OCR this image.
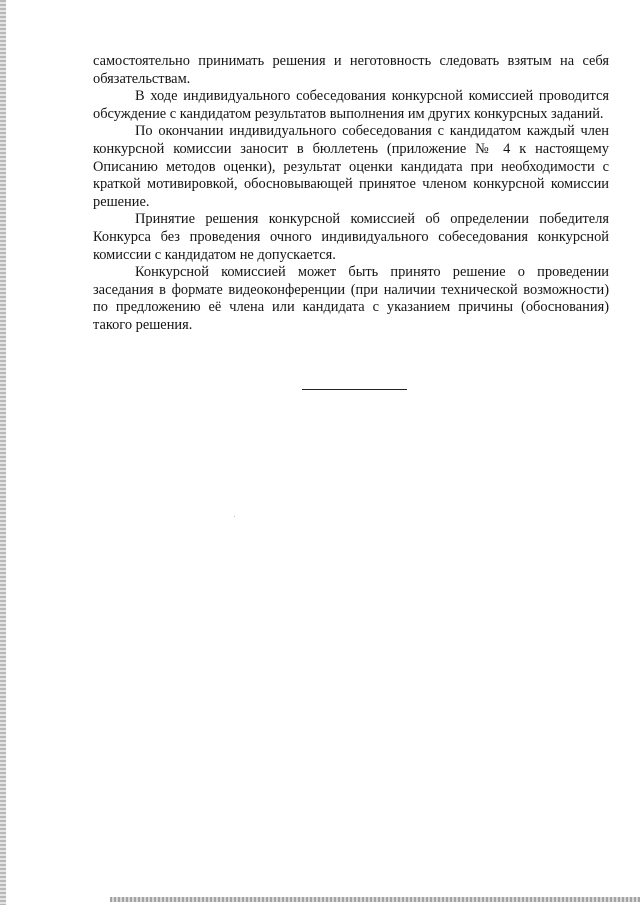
самостоятельно принимать решения и неготовность следовать взятым на себя обязательствам.

В ходе индивидуального собеседования конкурсной комиссией проводится обсуждение с кандидатом результатов выполнения им других конкурсных заданий.

По окончании индивидуального собеседования с кандидатом каждый член конкурсной комиссии заносит в бюллетень (приложение № 4 к настоящему Описанию методов оценки), результат оценки кандидата при необходимости с краткой мотивировкой, обосновывающей принятое членом конкурсной комиссии решение.

Принятие решения конкурсной комиссией об определении победителя Конкурса без проведения очного индивидуального собеседования конкурсной комиссии с кандидатом не допускается.

Конкурсной комиссией может быть принято решение о проведении заседания в формате видеоконференции (при наличии технической возможности) по предложению её члена или кандидата с указанием причины (обоснования) такого решения.
